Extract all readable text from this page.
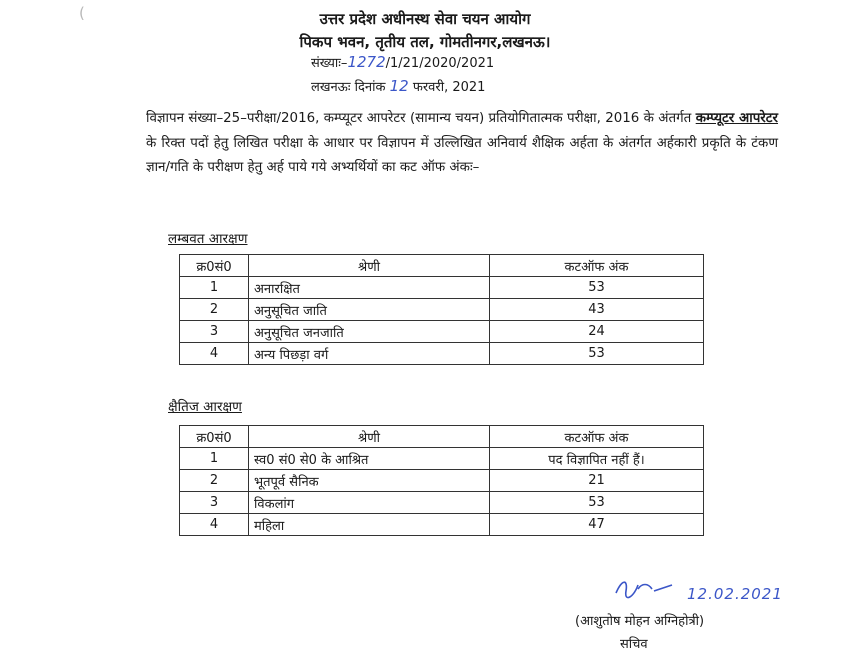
(	उत्तर प्रदेश अधीनस्थ सेवा चयन आयोग
पिकप भवन, तृतीय तल, गोमतीनगर,लखनऊ।
संख्याः–1272/1/21/2020/2021
लखनऊः दिनांक 12 फरवरी, 2021
विज्ञापन संख्या–25–परीक्षा/2016, कम्प्यूटर आपरेटर (सामान्य चयन) प्रतियोगितात्मक परीक्षा, 2016 के अंतर्गत कम्प्यूटर आपरेटर के रिक्त पदों हेतु लिखित परीक्षा के आधार पर विज्ञापन में उल्लिखित अनिवार्य शैक्षिक अर्हता के अंतर्गत अर्हकारी प्रकृति के टंकण ज्ञान/गति के परीक्षण हेतु अर्ह पाये गये अभ्यर्थियों का कट ऑफ अंकः–
लम्बवत आरक्षण
क्र0सं0	श्रेणी	कटऑफ अंक
1	अनारक्षित	53
2	अनुसूचित जाति	43
3	अनुसूचित जनजाति	24
4	अन्य पिछड़ा वर्ग	53
क्षैतिज आरक्षण
क्र0सं0	श्रेणी	कटऑफ अंक
1	स्व0 सं0 से0 के आश्रित	पद विज्ञापित नहीं हैं।
2	भूतपूर्व सैनिक	21
3	विकलांग	53
4	महिला	47
12.02.2021
(आशुतोष मोहन अग्निहोत्री)
सचिव
